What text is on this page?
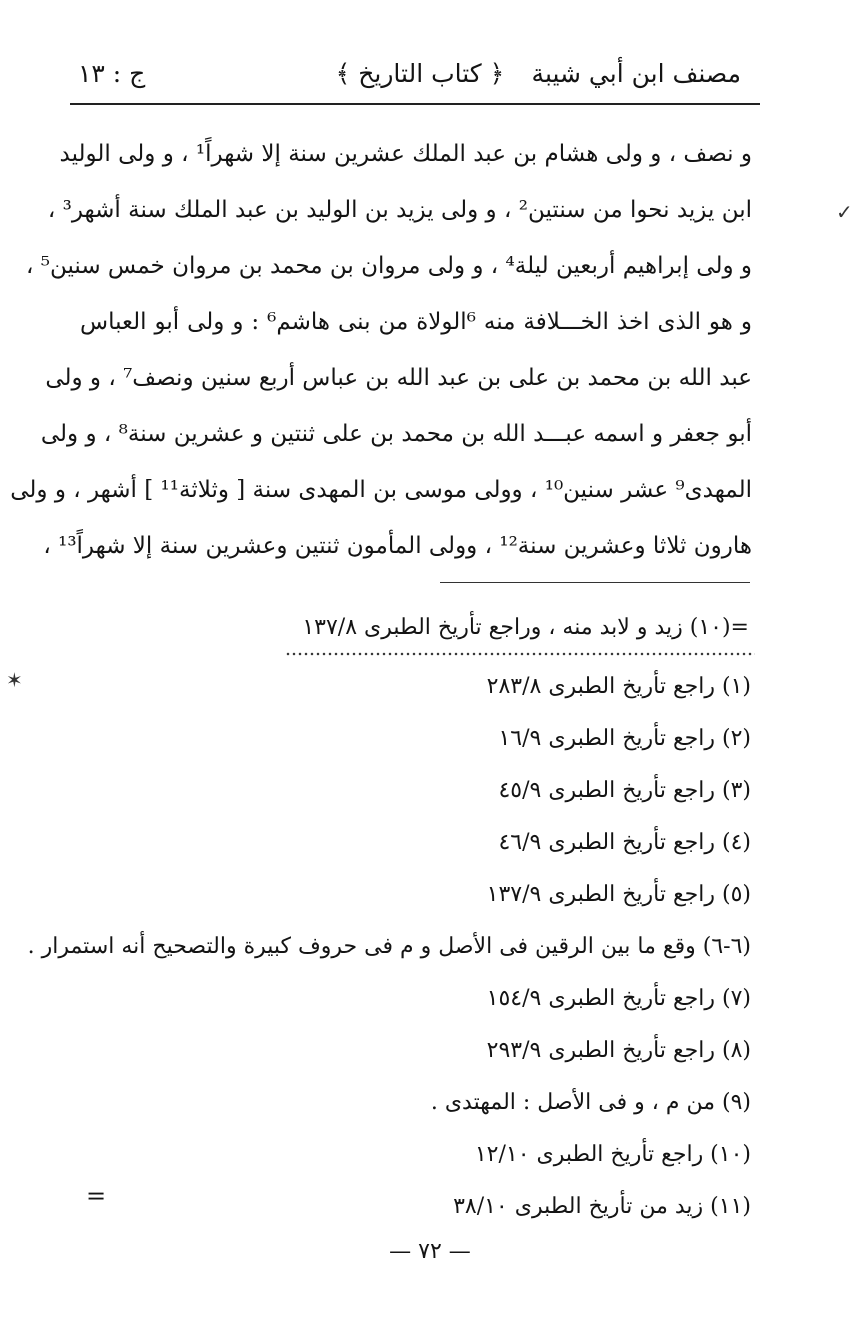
مصنف ابن أبي شيبة
﴿ كتاب التاريخ ﴾
ج : ١٣
و نصف ، و ولى هشام بن عبد الملك عشرين سنة إلا شهراً¹ ، و ولى الوليد
ابن يزيد نحوا من سنتين² ، و ولى يزيد بن الوليد بن عبد الملك سنة أشهر³ ،
و ولى إبراهيم أربعين ليلة⁴ ، و ولى مروان بن محمد بن مروان خمس سنين⁵ ،
و هو الذى اخذ الخـــلافة منه ⁶الولاة من بنى هاشم⁶ : و ولى أبو العباس
عبد الله بن محمد بن على بن عبد الله بن عباس أربع سنين ونصف⁷ ، و ولى
أبو جعفر و اسمه عبـــد الله بن محمد بن على ثنتين و عشرين سنة⁸ ، و ولى
المهدى⁹ عشر سنين¹⁰ ، وولى موسى بن المهدى سنة [ وثلاثة¹¹ ] أشهر ، و ولى
هارون ثلاثا وعشرين سنة¹² ، وولى المأمون ثنتين وعشرين سنة إلا شهراً¹³ ،
=(١٠) زيد و لابد منه ، وراجع تأريخ الطبرى ١٣٧/٨
(١) راجع تأريخ الطبرى ٢٨٣/٨
(٢) راجع تأريخ الطبرى ١٦/٩
(٣) راجع تأريخ الطبرى ٤٥/٩
(٤) راجع تأريخ الطبرى ٤٦/٩
(٥) راجع تأريخ الطبرى ١٣٧/٩
(٦-٦) وقع ما بين الرقين فى الأصل و م فى حروف كبيرة والتصحيح أنه استمرار .
(٧) راجع تأريخ الطبرى ١٥٤/٩
(٨) راجع تأريخ الطبرى ٢٩٣/٩
(٩) من م ، و فى الأصل : المهتدى .
(١٠) راجع تأريخ الطبرى ١٢/١٠
(١١) زيد من تأريخ الطبرى ٣٨/١٠
=
✓
✶
— ٧٢ —
